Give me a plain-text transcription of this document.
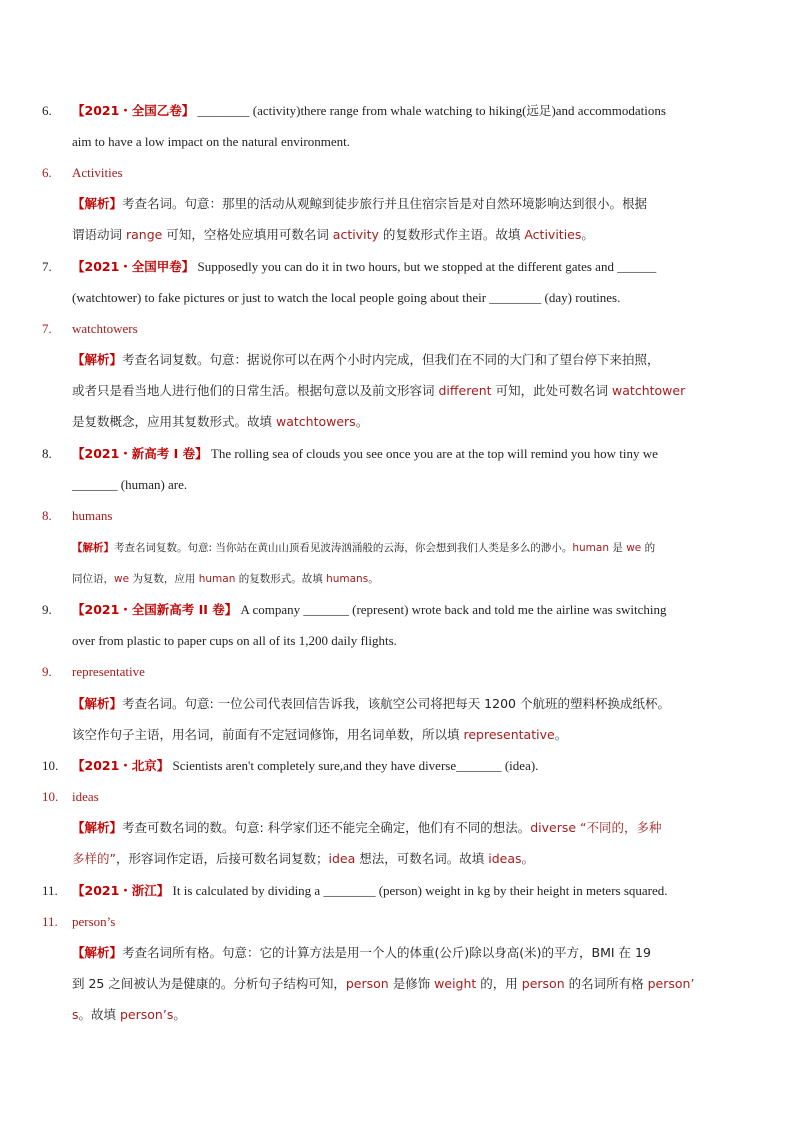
6. 【2021・全国乙卷】 ________ (activity)there range from whale watching to hiking(远足)and accommodations
aim to have a low impact on the natural environment.
6. Activities
【解析】考查名词。句意：那里的活动从观鲸到徒步旅行并且住宿宗旨是对自然环境影响达到很小。根据
谓语动词 range 可知，空格处应填用可数名词 activity 的复数形式作主语。故填 Activities。
7. 【2021・全国甲卷】 Supposedly you can do it in two hours, but we stopped at the different gates and ______
(watchtower) to fake pictures or just to watch the local people going about their ________ (day) routines.
7. watchtowers
【解析】考查名词复数。句意：据说你可以在两个小时内完成，但我们在不同的大门和了望台停下来拍照，
或者只是看当地人进行他们的日常生活。根据句意以及前文形容词 different 可知，此处可数名词 watchtower
是复数概念，应用其复数形式。故填 watchtowers。
8. 【2021・新高考 I 卷】 The rolling sea of clouds you see once you are at the top will remind you how tiny we
_______ (human) are.
8. humans
【解析】考查名词复数。句意: 当你站在黄山山顶看见波涛汹涌般的云海，你会想到我们人类是多么的渺小。human 是 we 的
同位语，we 为复数，应用 human 的复数形式。故填 humans。
9. 【2021・全国新高考 II 卷】 A company _______ (represent) wrote back and told me the airline was switching
over from plastic to paper cups on all of its 1,200 daily flights.
9. representative
【解析】考查名词。句意: 一位公司代表回信告诉我，该航空公司将把每天 1200 个航班的塑料杯换成纸杯。
该空作句子主语，用名词，前面有不定冠词修饰，用名词单数，所以填 representative。
10. 【2021・北京】 Scientists aren't completely sure,and they have diverse_______ (idea).
10. ideas
【解析】考查可数名词的数。句意: 科学家们还不能完全确定，他们有不同的想法。diverse “不同的，多种
多样的”，形容词作定语，后接可数名词复数；idea 想法，可数名词。故填 ideas。
11. 【2021・浙江】 It is calculated by dividing a ________ (person) weight in kg by their height in meters squared.
11. person’s
【解析】考查名词所有格。句意：它的计算方法是用一个人的体重(公斤)除以身高(米)的平方，BMI 在 19
到 25 之间被认为是健康的。分析句子结构可知，person 是修饰 weight 的，用 person 的名词所有格 person’
s。故填 person’s。
